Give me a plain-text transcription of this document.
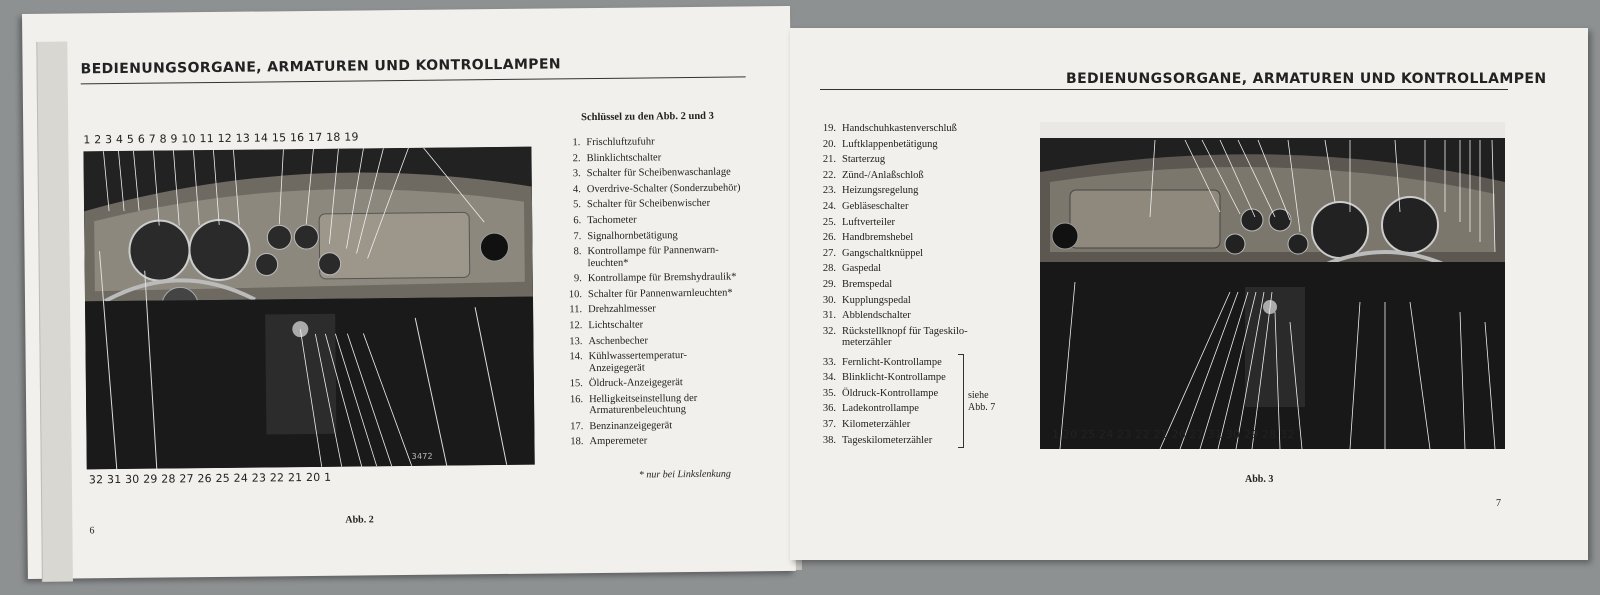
BEDIENUNGSORGANE, ARMATUREN UND KONTROLLAMPEN
1 2 3 4 5 6 7 8 9 10 11 12 13 14 15 16 17 18 19
3472
32 31 30 29 28 27 26 25 24 23 22 21 20 1
Schlüssel zu den Abb. 2 und 3
1. Frischluftzufuhr
2. Blinklichtschalter
3. Schalter für Scheibenwaschanlage
4. Overdrive-Schalter (Sonderzubehör)
5. Schalter für Scheibenwischer
6. Tachometer
7. Signalhornbetätigung
8. Kontrollampe für Pannenwarn-
leuchten*
9. Kontrollampe für Bremshydraulik*
10. Schalter für Pannenwarnleuchten*
11. Drehzahlmesser
12. Lichtschalter
13. Aschenbecher
14. Kühlwassertemperatur-
Anzeigegerät
15. Öldruck-Anzeigegerät
16. Helligkeitseinstellung der
Armaturenbeleuchtung
17. Benzinanzeigegerät
18. Amperemeter
* nur bei Linkslenkung
Abb. 2
6
BEDIENUNGSORGANE, ARMATUREN UND KONTROLLAMPEN
19. Handschuhkastenverschluß
20. Luftklappenbetätigung
21. Starterzug
22. Zünd-/Anlaßschloß
23. Heizungsregelung
24. Gebläseschalter
25. Luftverteiler
26. Handbremshebel
27. Gangschaltknüppel
28. Gaspedal
29. Bremspedal
30. Kupplungspedal
31. Abblendschalter
32. Rückstellknopf für Tageskilo-
meterzähler
33. Fernlicht-Kontrollampe
34. Blinklicht-Kontrollampe
35. Öldruck-Kontrollampe
36. Ladekontrollampe
37. Kilometerzähler
38. Tageskilometerzähler
siehe
Abb. 7
1 20 25 24 23 22 21 26 27 31 30 29 28 32
Abb. 3
7
